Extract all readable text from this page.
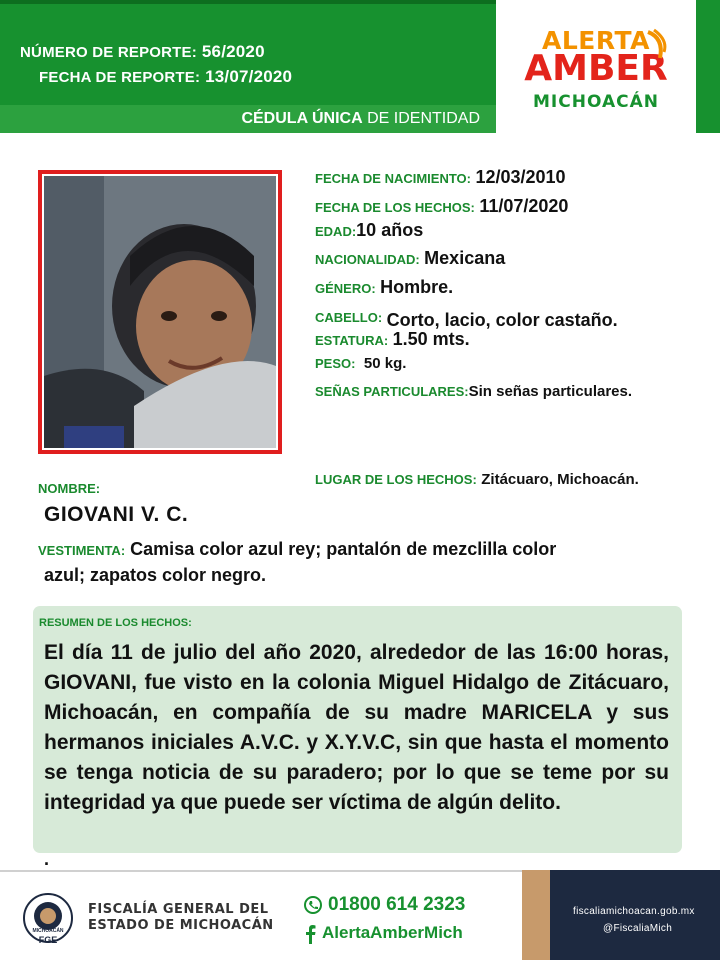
NÚMERO DE REPORTE: 56/2020
FECHA DE REPORTE: 13/07/2020
CÉDULA ÚNICA DE IDENTIDAD
ALERTA
AMBER
MICHOACÁN
FECHA DE NACIMIENTO: 12/03/2010
FECHA DE LOS HECHOS: 11/07/2020
EDAD:10 años
NACIONALIDAD: Mexicana
GÉNERO: Hombre.
CABELLO: Corto, lacio, color castaño.
ESTATURA: 1.50 mts.
PESO: 50 kg.
SEÑAS PARTICULARES:Sin señas particulares.
LUGAR DE LOS HECHOS: Zitácuaro, Michoacán.
NOMBRE:
GIOVANI V. C.
VESTIMENTA: Camisa color azul rey; pantalón de mezclilla color
azul; zapatos color negro.
RESUMEN DE LOS HECHOS:
El día 11 de julio del año 2020, alrededor de las 16:00 horas, GIOVANI, fue visto en la colonia Miguel Hidalgo de Zitácuaro, Michoacán, en compañía de su madre MARICELA y sus hermanos iniciales A.V.C. y X.Y.V.C, sin que hasta el momento se tenga noticia de su paradero; por lo que se teme por su integridad ya que puede ser víctima de algún delito.
.
MICHOACÁN
FGE
FISCALÍA GENERAL DEL
ESTADO DE MICHOACÁN
01800 614 2323
AlertaAmberMich
fiscaliamichoacan.gob.mx
@FiscaliaMich
